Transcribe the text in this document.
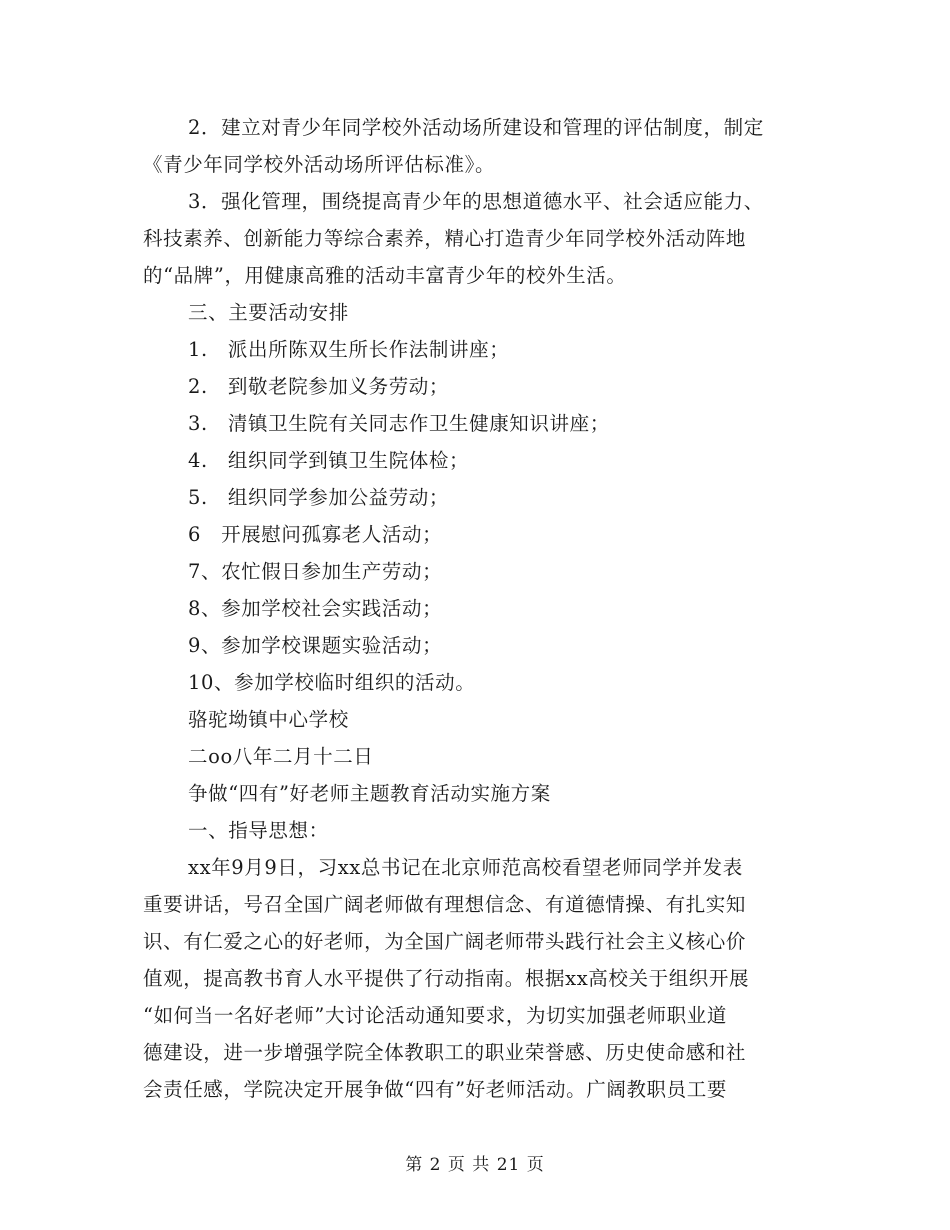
2．建立对青少年同学校外活动场所建设和管理的评估制度，制定
《青少年同学校外活动场所评估标准》。
3．强化管理，围绕提高青少年的思想道德水平、社会适应能力、
科技素养、创新能力等综合素养，精心打造青少年同学校外活动阵地
的“品牌”，用健康高雅的活动丰富青少年的校外生活。
三、主要活动安排
1.　派出所陈双生所长作法制讲座；
2.　到敬老院参加义务劳动；
3.　清镇卫生院有关同志作卫生健康知识讲座；
4.　组织同学到镇卫生院体检；
5.　组织同学参加公益劳动；
6　开展慰问孤寡老人活动；
7、农忙假日参加生产劳动；
8、参加学校社会实践活动；
9、参加学校课题实验活动；
10、参加学校临时组织的活动。
骆驼坳镇中心学校
二oo八年二月十二日
争做“四有”好老师主题教育活动实施方案
一、指导思想：
xx年9月9日，习xx总书记在北京师范高校看望老师同学并发表
重要讲话，号召全国广阔老师做有理想信念、有道德情操、有扎实知
识、有仁爱之心的好老师，为全国广阔老师带头践行社会主义核心价
值观，提高教书育人水平提供了行动指南。根据xx高校关于组织开展
“如何当一名好老师”大讨论活动通知要求，为切实加强老师职业道
德建设，进一步增强学院全体教职工的职业荣誉感、历史使命感和社
会责任感，学院决定开展争做“四有”好老师活动。广阔教职员工要
第 2 页 共 21 页
